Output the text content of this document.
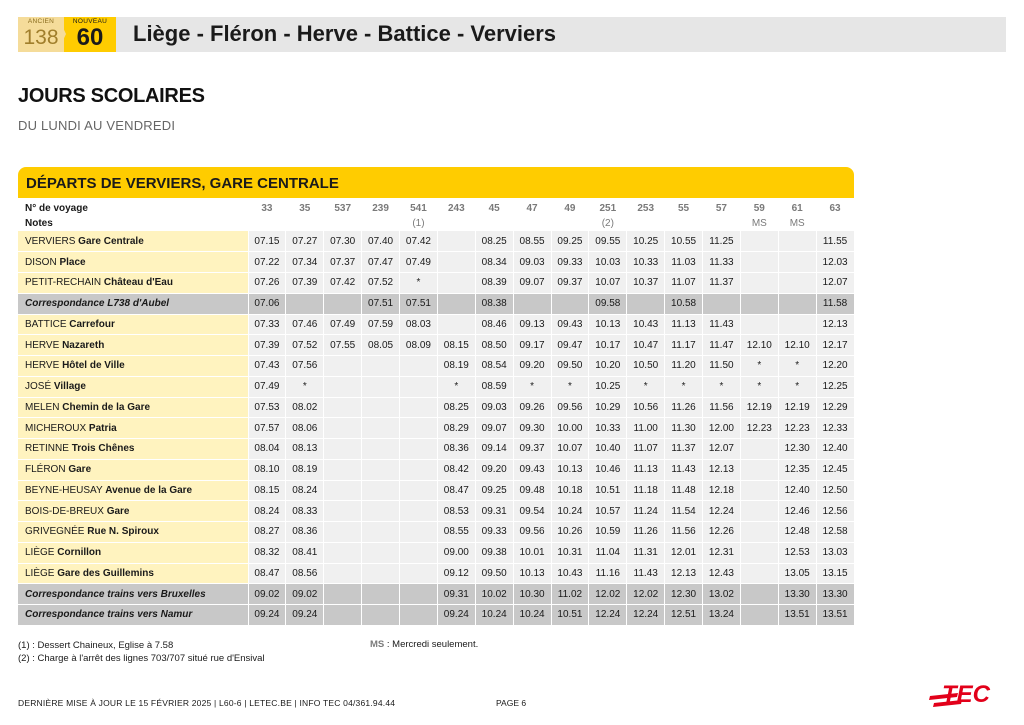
ANCIEN
138
NOUVEAU
60	Liège - Fléron - Herve - Battice - Verviers
JOURS SCOLAIRES
DU LUNDI AU VENDREDI
DÉPARTS DE VERVIERS, GARE CENTRALE
N° de voyage	33	35	537	239	541	243	45	47	49	251	253	55	57	59	61	63
Notes					(1)					(2)				MS	MS	
VERVIERS Gare Centrale	07.15	07.27	07.30	07.40	07.42		08.25	08.55	09.25	09.55	10.25	10.55	11.25			11.55
DISON Place	07.22	07.34	07.37	07.47	07.49		08.34	09.03	09.33	10.03	10.33	11.03	11.33			12.03
PETIT-RECHAIN Château d'Eau	07.26	07.39	07.42	07.52	*		08.39	09.07	09.37	10.07	10.37	11.07	11.37			12.07
Correspondance L738 d'Aubel	07.06			07.51	07.51		08.38			09.58		10.58				11.58
BATTICE Carrefour	07.33	07.46	07.49	07.59	08.03		08.46	09.13	09.43	10.13	10.43	11.13	11.43			12.13
HERVE Nazareth	07.39	07.52	07.55	08.05	08.09	08.15	08.50	09.17	09.47	10.17	10.47	11.17	11.47	12.10	12.10	12.17
HERVE Hôtel de Ville	07.43	07.56				08.19	08.54	09.20	09.50	10.20	10.50	11.20	11.50	*	*	12.20
JOSÉ Village	07.49	*				*	08.59	*	*	10.25	*	*	*	*	*	12.25
MELEN Chemin de la Gare	07.53	08.02				08.25	09.03	09.26	09.56	10.29	10.56	11.26	11.56	12.19	12.19	12.29
MICHEROUX Patria	07.57	08.06				08.29	09.07	09.30	10.00	10.33	11.00	11.30	12.00	12.23	12.23	12.33
RETINNE Trois Chênes	08.04	08.13				08.36	09.14	09.37	10.07	10.40	11.07	11.37	12.07		12.30	12.40
FLÉRON Gare	08.10	08.19				08.42	09.20	09.43	10.13	10.46	11.13	11.43	12.13		12.35	12.45
BEYNE-HEUSAY Avenue de la Gare	08.15	08.24				08.47	09.25	09.48	10.18	10.51	11.18	11.48	12.18		12.40	12.50
BOIS-DE-BREUX Gare	08.24	08.33				08.53	09.31	09.54	10.24	10.57	11.24	11.54	12.24		12.46	12.56
GRIVEGNÉE Rue N. Spiroux	08.27	08.36				08.55	09.33	09.56	10.26	10.59	11.26	11.56	12.26		12.48	12.58
LIÈGE Cornillon	08.32	08.41				09.00	09.38	10.01	10.31	11.04	11.31	12.01	12.31		12.53	13.03
LIÈGE Gare des Guillemins	08.47	08.56				09.12	09.50	10.13	10.43	11.16	11.43	12.13	12.43		13.05	13.15
Correspondance trains vers Bruxelles	09.02	09.02				09.31	10.02	10.30	11.02	12.02	12.02	12.30	13.02		13.30	13.30
Correspondance trains vers Namur	09.24	09.24				09.24	10.24	10.24	10.51	12.24	12.24	12.51	13.24		13.51	13.51
(1) : Dessert Chaineux, Eglise à 7.58
(2) : Charge à l'arrêt des lignes 703/707 situé rue d'Ensival
MS : Mercredi seulement.
DERNIÈRE MISE À JOUR LE 15 FÉVRIER 2025 | L60-6 | LETEC.BE | INFO TEC 04/361.94.44	PAGE 6	TEC
